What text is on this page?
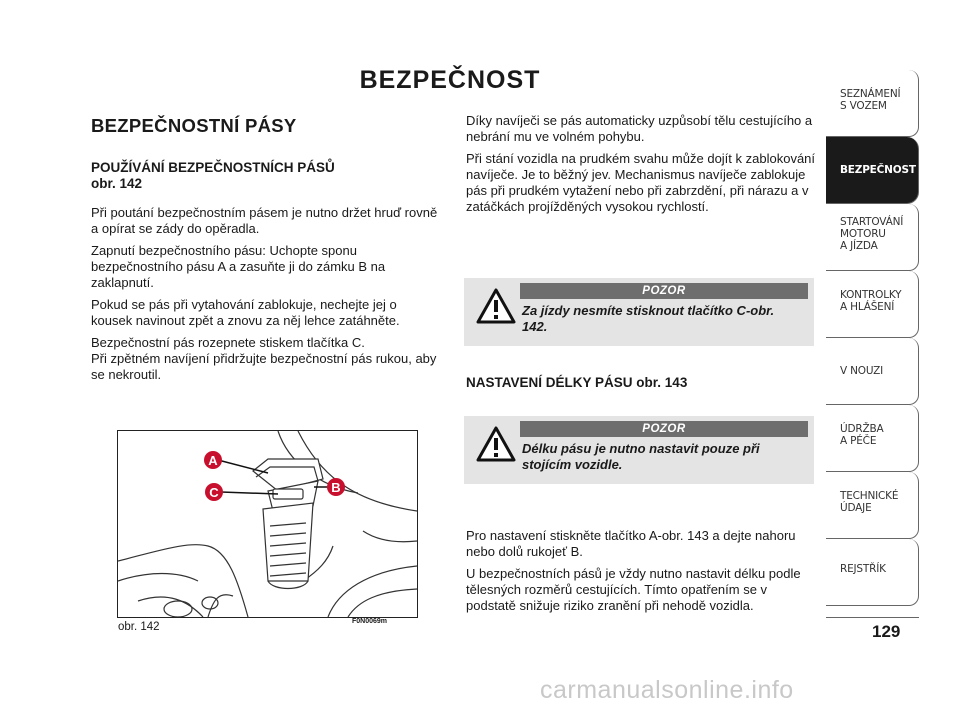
BEZPEČNOST
BEZPEČNOSTNÍ PÁSY
POUŽÍVÁNÍ BEZPEČNOSTNÍCH PÁSŮ
obr. 142

Při poutání bezpečnostním pásem je nutno držet hruď rovně a opírat se zády do opěradla.

Zapnutí bezpečnostního pásu: Uchopte sponu bezpečnostního pásu A a zasuňte ji do zámku B na zaklapnutí.

Pokud se pás při vytahování zablokuje, nechejte jej o kousek navinout zpět a znovu za něj lehce zatáhněte.

Bezpečnostní pás rozepnete stiskem tlačítka C.

Při zpětném navíjení přidržujte bezpečnostní pás rukou, aby se nekroutil.

Díky navíječi se pás automaticky uzpůsobí tělu cestujícího a nebrání mu ve volném pohybu.

Při stání vozidla na prudkém svahu může dojít k zablokování navíječe. Je to běžný jev. Mechanismus navíječe zablokuje pás při prudkém vytažení nebo při zabrzdění, při nárazu a v zatáčkách projížděných vysokou rychlostí.

POZOR
Za jízdy nesmíte stisknout tlačítko C-obr. 142.
NASTAVENÍ DÉLKY PÁSU obr. 143
POZOR
Délku pásu je nutno nastavit pouze při stojícím vozidle.

Pro nastavení stiskněte tlačítko A-obr. 143 a dejte nahoru nebo dolů rukojeť B.

U bezpečnostních pásů je vždy nutno nastavit délku podle tělesných rozměrů cestujících. Tímto opatřením se v podstatě snižuje riziko zranění při nehodě vozidla.

A
C	B
obr. 142	F0N0069m
SEZNÁMENÍ
S VOZEM
BEZPEČNOST
STARTOVÁNÍ
MOTORU
A JÍZDA
KONTROLKY
A HLÁŠENÍ
V NOUZI
ÚDRŽBA
A PÉČE
TECHNICKÉ
ÚDAJE
REJSTŘÍK
129
carmanualsonline.info
